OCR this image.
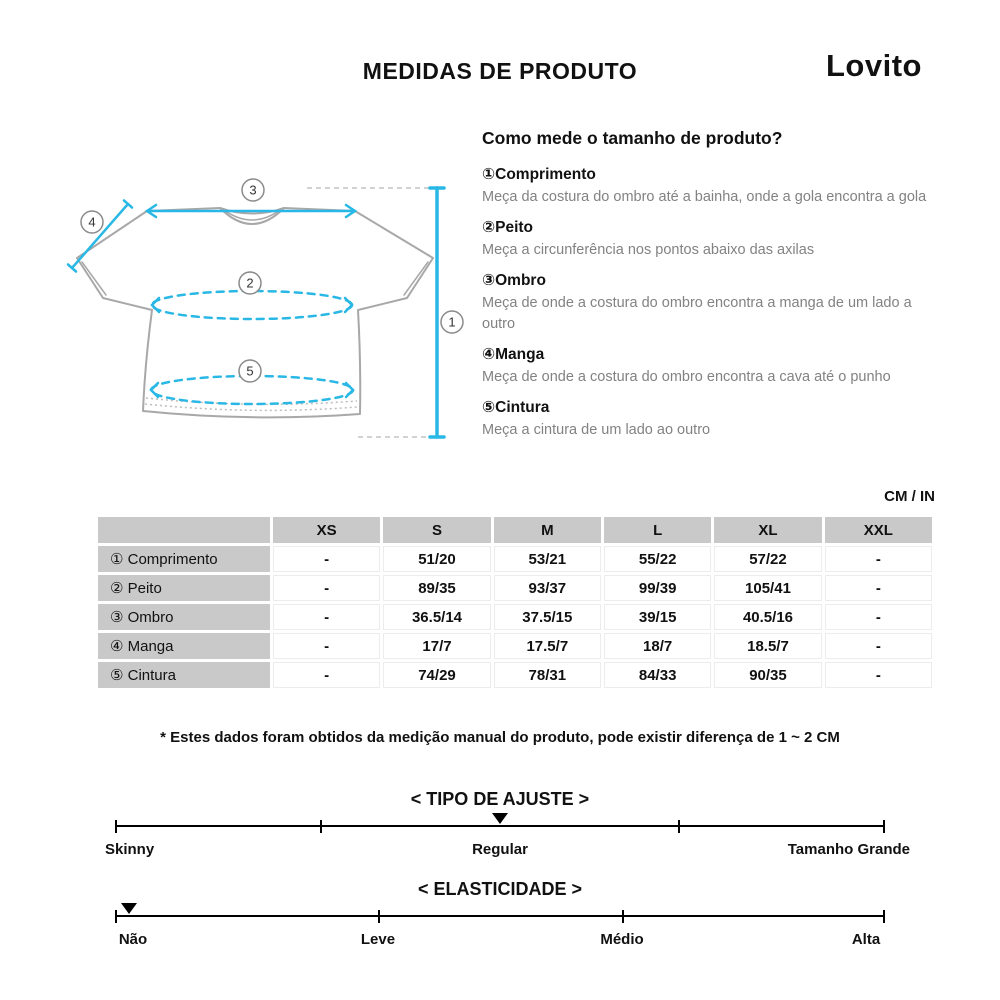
MEDIDAS DE PRODUTO	Lovito
3
4
2
5
1
Como mede o tamanho de produto?
①Comprimento
Meça da costura do ombro até a bainha, onde a gola encontra a gola
②Peito
Meça a circunferência nos pontos abaixo das axilas
③Ombro
Meça de onde a costura do ombro encontra a manga de um lado a outro
④Manga
Meça de onde a costura do ombro encontra a cava até o punho
⑤Cintura
Meça a cintura de um lado ao outro
CM / IN
	XS	S	M	L	XL	XXL
① Comprimento	-	51/20	53/21	55/22	57/22	-
② Peito	-	89/35	93/37	99/39	105/41	-
③ Ombro	-	36.5/14	37.5/15	39/15	40.5/16	-
④ Manga	-	17/7	17.5/7	18/7	18.5/7	-
⑤ Cintura	-	74/29	78/31	84/33	90/35	-
* Estes dados foram obtidos da medição manual do produto, pode existir diferença de 1 ~ 2 CM
< TIPO DE AJUSTE >
Skinny	Regular	Tamanho Grande
< ELASTICIDADE >
Não	Leve	Médio	Alta
